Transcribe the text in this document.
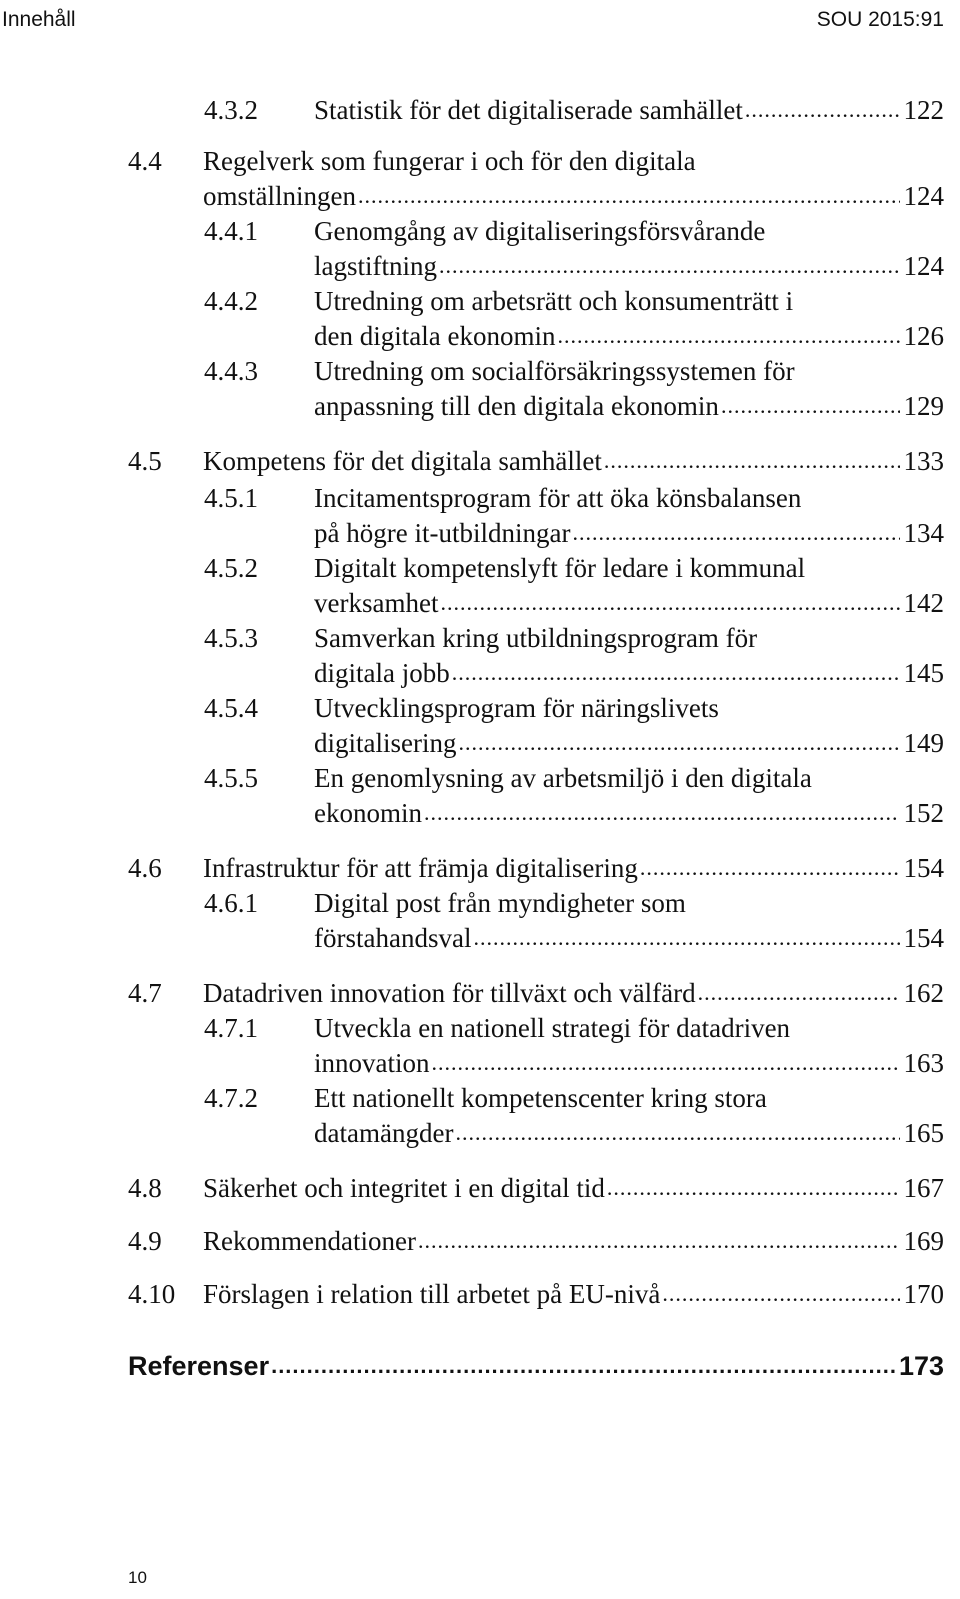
Innehåll	SOU 2015:91
4.3.2 Statistik för det digitaliserade samhället .....	122
4.4 Regelverk som fungerar i och för den digitala
omställningen .....	124
4.4.1 Genomgång av digitaliseringsförsvårande
lagstiftning .....	124
4.4.2 Utredning om arbetsrätt och konsumenträtt i
den digitala ekonomin .....	126
4.4.3 Utredning om socialförsäkringssystemen för
anpassning till den digitala ekonomin .....	129
4.5 Kompetens för det digitala samhället .....	133
4.5.1 Incitamentsprogram för att öka könsbalansen
på högre it-utbildningar .....	134
4.5.2 Digitalt kompetenslyft för ledare i kommunal
verksamhet .....	142
4.5.3 Samverkan kring utbildningsprogram för
digitala jobb .....	145
4.5.4 Utvecklingsprogram för näringslivets
digitalisering .....	149
4.5.5 En genomlysning av arbetsmiljö i den digitala
ekonomin .....	152
4.6 Infrastruktur för att främja digitalisering .....	154
4.6.1 Digital post från myndigheter som
förstahandsval .....	154
4.7 Datadriven innovation för tillväxt och välfärd .....	162
4.7.1 Utveckla en nationell strategi för datadriven
innovation .....	163
4.7.2 Ett nationellt kompetenscenter kring stora
datamängder .....	165
4.8 Säkerhet och integritet i en digital tid .....	167
4.9 Rekommendationer .....	169
4.10 Förslagen i relation till arbetet på EU-nivå .....	170
Referenser .....	173
10
